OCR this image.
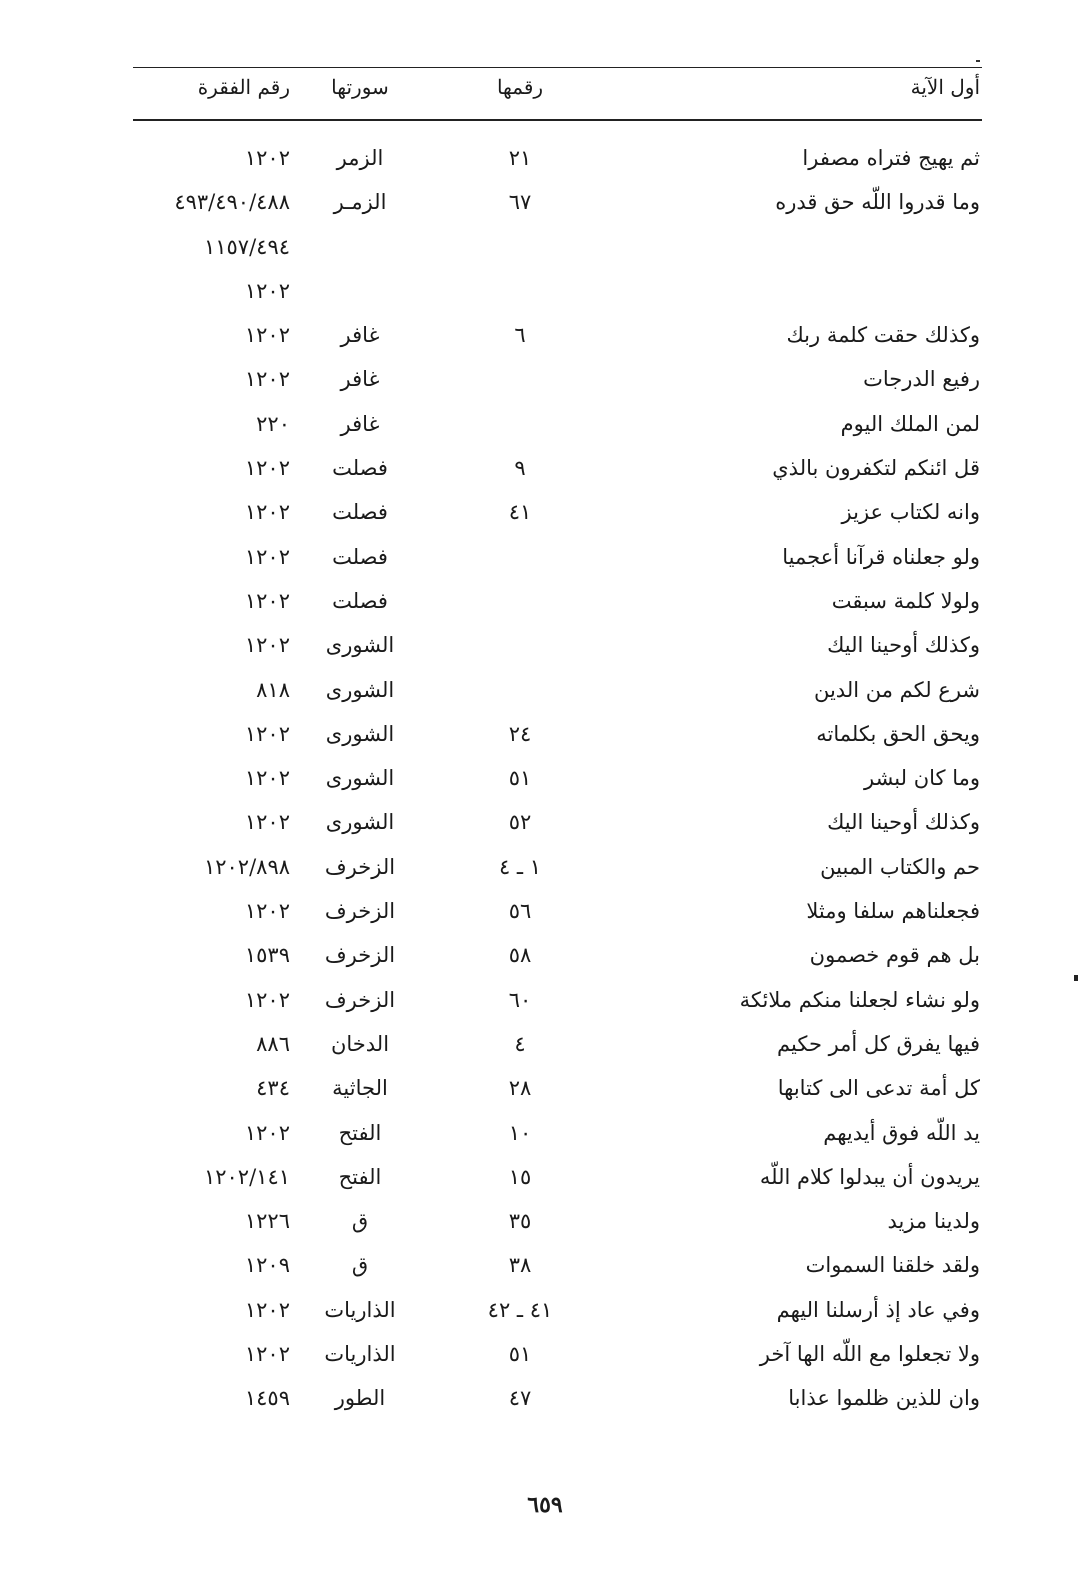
أول الآية
رقمها
سورتها
رقم الفقرة
ثم يهيج فتراه مصفرا
٢١
الزمر
١٢٠٢
وما قدروا اللّه حق قدره
٦٧
الزمـر
٤٩٣/٤٩٠/٤٨٨
١١٥٧/٤٩٤
١٢٠٢
وكذلك حقت كلمة ربك
٦
غافر
١٢٠٢
رفيع الدرجات
غافر
١٢٠٢
لمن الملك اليوم
غافر
٢٢٠
قل ائنكم لتكفرون بالذي
٩
فصلت
١٢٠٢
وانه لكتاب عزيز
٤١
فصلت
١٢٠٢
ولو جعلناه قرآنا أعجميا
فصلت
١٢٠٢
ولولا كلمة سبقت
فصلت
١٢٠٢
وكذلك أوحينا اليك
الشورى
١٢٠٢
شرع لكم من الدين
الشورى
٨١٨
ويحق الحق بكلماته
٢٤
الشورى
١٢٠٢
وما كان لبشر
٥١
الشورى
١٢٠٢
وكذلك أوحينا اليك
٥٢
الشورى
١٢٠٢
حم والكتاب المبين
١ ـ ٤
الزخرف
١٢٠٢/٨٩٨
فجعلناهم سلفا ومثلا
٥٦
الزخرف
١٢٠٢
بل هم قوم خصمون
٥٨
الزخرف
١٥٣٩
ولو نشاء لجعلنا منكم ملائكة
٦٠
الزخرف
١٢٠٢
فيها يفرق كل أمر حكيم
٤
الدخان
٨٨٦
كل أمة تدعى الى كتابها
٢٨
الجاثية
٤٣٤
يد اللّه فوق أيديهم
١٠
الفتح
١٢٠٢
يريدون أن يبدلوا كلام اللّه
١٥
الفتح
١٢٠٢/١٤١
ولدينا مزيد
٣٥
ق
١٢٢٦
ولقد خلقنا السموات
٣٨
ق
١٢٠٩
وفي عاد إذ أرسلنا اليهم
٤١ ـ ٤٢
الذاريات
١٢٠٢
ولا تجعلوا مع اللّه الها آخر
٥١
الذاريات
١٢٠٢
وان للذين ظلموا عذابا
٤٧
الطور
١٤٥٩
٦٥٩
